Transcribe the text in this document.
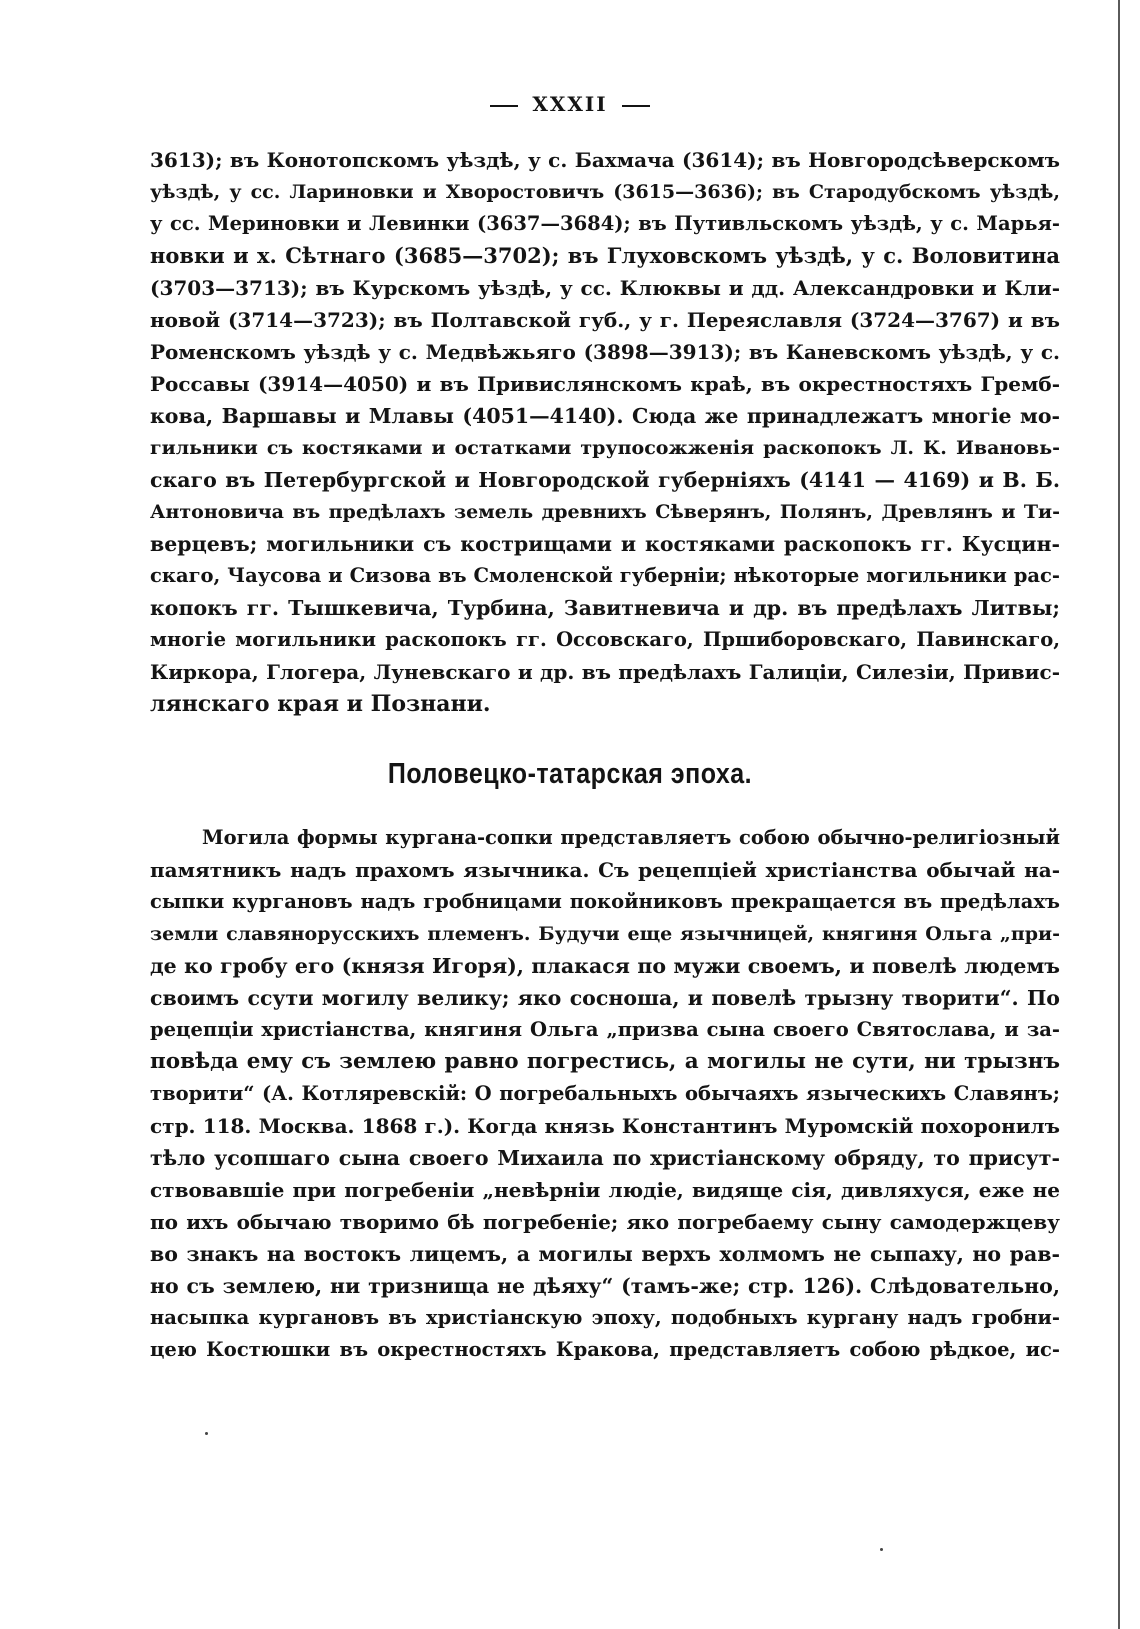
XXXII
3613); въ Конотопскомъ уѣздѣ, у с. Бахмача (3614); въ Новгородсѣверскомъ
уѣздѣ, у сс. Лариновки и Хворостовичъ (3615—3636); въ Стародубскомъ уѣздѣ,
у сс. Мериновки и Левинки (3637—3684); въ Путивльскомъ уѣздѣ, у с. Марья-
новки и х. Сѣтнаго (3685—3702); въ Глуховскомъ уѣздѣ, у с. Воловитина
(3703—3713); въ Курскомъ уѣздѣ, у сс. Клюквы и дд. Александровки и Кли-
новой (3714—3723); въ Полтавской губ., у г. Переяславля (3724—3767) и въ
Роменскомъ уѣздѣ у с. Медвѣжьяго (3898—3913); въ Каневскомъ уѣздѣ, у с.
Россавы (3914—4050) и въ Привислянскомъ краѣ, въ окрестностяхъ Гремб-
кова, Варшавы и Млавы (4051—4140). Сюда же принадлежатъ многіе мо-
гильники съ костяками и остатками трупосожженія раскопокъ Л. К. Ивановь-
скаго въ Петербургской и Новгородской губерніяхъ (4141 — 4169) и В. Б.
Антоновича въ предѣлахъ земель древнихъ Сѣверянъ, Полянъ, Древлянъ и Ти-
верцевъ; могильники съ кострищами и костяками раскопокъ гг. Кусцин-
скаго, Чаусова и Сизова въ Смоленской губерніи; нѣкоторые могильники рас-
копокъ гг. Тышкевича, Турбина, Завитневича и др. въ предѣлахъ Литвы;
многіе могильники раскопокъ гг. Оссовскаго, Пршиборовскаго, Павинскаго,
Киркора, Глогера, Луневскаго и др. въ предѣлахъ Галиціи, Силезіи, Привис-
лянскаго края и Познани.
Половецко-татарская эпоха.
Могила формы кургана-сопки представляетъ собою обычно-религіозный
памятникъ надъ прахомъ язычника. Съ рецепціей христіанства обычай на-
сыпки кургановъ надъ гробницами покойниковъ прекращается въ предѣлахъ
земли славянорусскихъ племенъ. Будучи еще язычницей, княгиня Ольга „при-
де ко гробу его (князя Игоря), плакася по мужи своемъ, и повелѣ людемъ
своимъ ссути могилу велику; яко сосноша, и повелѣ трызну творити“. По
рецепціи христіанства, княгиня Ольга „призва сына своего Святослава, и за-
повѣда ему съ землею равно погрестись, а могилы не сути, ни трызнъ
творити“ (А. Котляревскій: О погребальныхъ обычаяхъ языческихъ Славянъ;
стр. 118. Москва. 1868 г.). Когда князь Константинъ Муромскій похоронилъ
тѣло усопшаго сына своего Михаила по христіанскому обряду, то присут-
ствовавшіе при погребеніи „невѣрніи людіе, видяще сія, дивляхуся, еже не
по ихъ обычаю творимо бѣ погребеніе; яко погребаему сыну самодержцеву
во знакъ на востокъ лицемъ, а могилы верхъ холмомъ не сыпаху, но рав-
но съ землею, ни тризнища не дѣяху“ (тамъ-же; стр. 126). Слѣдовательно,
насыпка кургановъ въ христіанскую эпоху, подобныхъ кургану надъ гробни-
цею Костюшки въ окрестностяхъ Кракова, представляетъ собою рѣдкое, ис-
